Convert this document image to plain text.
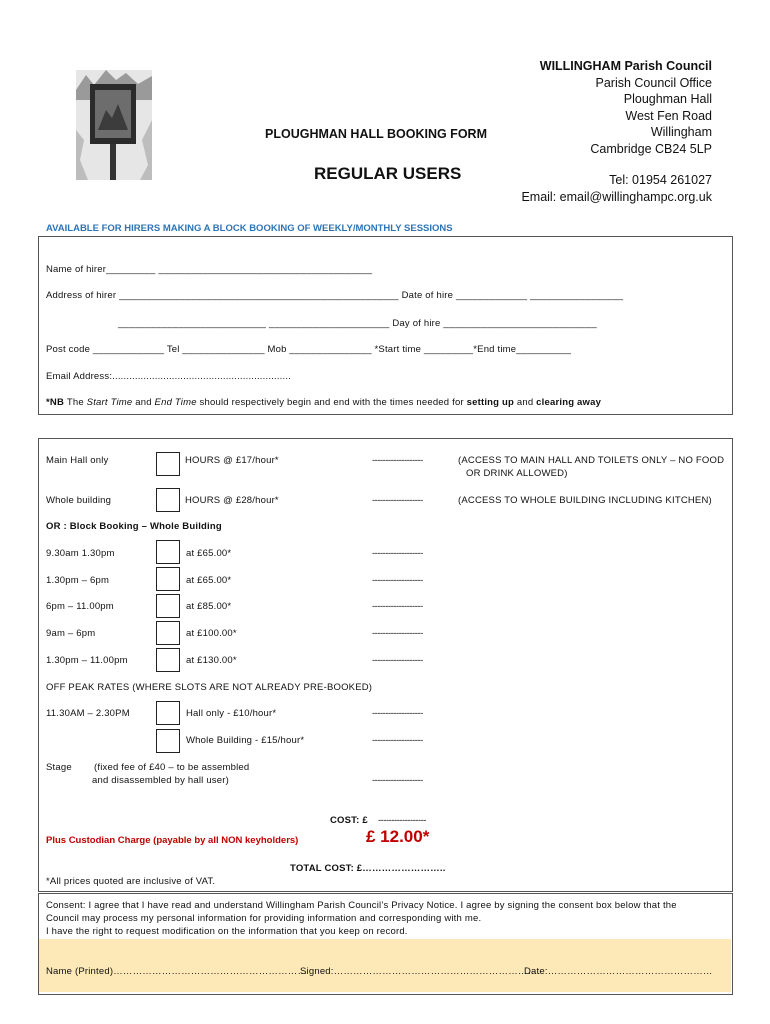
WILLINGHAM Parish Council
Parish Council Office
Ploughman Hall
West Fen Road
Willingham
Cambridge CB24 5LP
Tel: 01954 261027
Email: email@willinghampc.org.uk
PLOUGHMAN HALL BOOKING FORM
REGULAR USERS
AVAILABLE FOR HIRERS MAKING A BLOCK BOOKING OF WEEKLY/MONTHLY SESSIONS
Name of hirer_________ _______________________________________
Address of hirer ___________________________________________________ Date of hire _____________ _________________
___________________________ ______________________ Day of hire ____________________________
Post code _____________ Tel _______________ Mob _______________ *Start time _________*End time__________
Email Address:...............................................................
*NB The Start Time and End Time should respectively begin and end with the times needed for setting up and clearing away
Main Hall only	HOURS @ £17/hour*	-------------------	(ACCESS TO MAIN HALL AND TOILETS ONLY – NO FOOD
OR DRINK ALLOWED)
Whole building	HOURS @ £28/hour*	-------------------	(ACCESS TO WHOLE BUILDING INCLUDING KITCHEN)
OR : Block Booking – Whole Building
9.30am 1.30pm	at £65.00*	-------------------
1.30pm – 6pm	at £65.00*	-------------------
6pm – 11.00pm	at £85.00*	-------------------
9am – 6pm	at £100.00*	-------------------
1.30pm – 11.00pm	at £130.00*	-------------------
OFF PEAK RATES (WHERE SLOTS ARE NOT ALREADY PRE-BOOKED)
11.30AM – 2.30PM	Hall only - £10/hour*	-------------------
Whole Building - £15/hour*	-------------------
Stage (fixed fee of £40 – to be assembled
and disassembled by hall user)	-------------------
COST: £ ------------------
Plus Custodian Charge (payable by all NON keyholders)	£ 12.00*
TOTAL COST: £……………………..
*All prices quoted are inclusive of VAT.
Consent: I agree that I have read and understand Willingham Parish Council’s Privacy Notice. I agree by signing the consent box below that the
Council may process my personal information for providing information and corresponding with me.
I have the right to request modification on the information that you keep on record.
Name (Printed)……………………………………………………
Signed:……………………………………………………….
Date:……………………………………………
